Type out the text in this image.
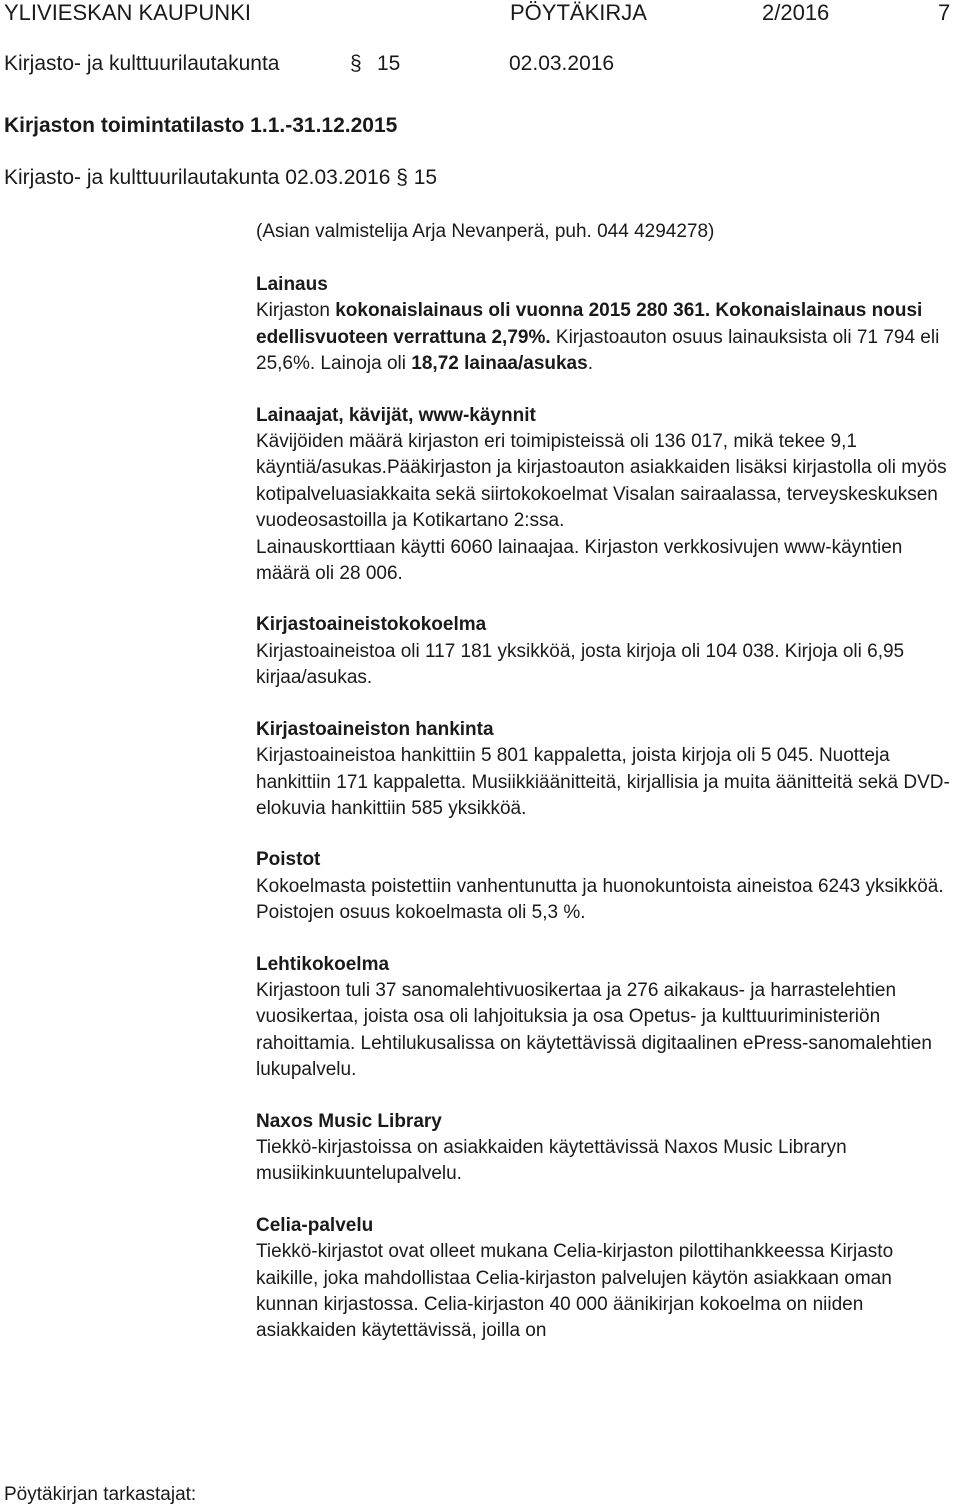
YLIVIESKAN KAUPUNKI	PÖYTÄKIRJA	2/2016	7
Kirjasto- ja kulttuurilautakunta	§ 15	02.03.2016
Kirjaston toimintatilasto 1.1.-31.12.2015
Kirjasto- ja kulttuurilautakunta 02.03.2016 § 15
(Asian valmistelija Arja Nevanperä, puh. 044 4294278)
Lainaus

Kirjaston kokonaislainaus oli vuonna 2015 280 361. Kokonaislainaus nousi edellisvuoteen verrattuna 2,79%. Kirjastoauton osuus lainauksista oli 71 794 eli 25,6%. Lainoja oli 18,72 lainaa/asukas.

Lainaajat, kävijät, www-käynnit

Kävijöiden määrä kirjaston eri toimipisteissä oli 136 017, mikä tekee 9,1 käyntiä/asukas.Pääkirjaston ja kirjastoauton asiakkaiden lisäksi kirjastolla oli myös kotipalveluasiakkaita sekä siirtokokoelmat Visalan sairaalassa, terveyskeskuksen vuodeosastoilla ja Kotikartano 2:ssa.

Lainauskorttiaan käytti 6060 lainaajaa. Kirjaston verkkosivujen www-käyntien määrä oli 28 006.

Kirjastoaineistokokoelma

Kirjastoaineistoa oli 117 181 yksikköä, josta kirjoja oli 104 038. Kirjoja oli 6,95 kirjaa/asukas.

Kirjastoaineiston hankinta

Kirjastoaineistoa hankittiin 5 801 kappaletta, joista kirjoja oli 5 045. Nuotteja hankittiin 171 kappaletta. Musiikkiäänitteitä, kirjallisia ja muita äänitteitä sekä DVD-elokuvia hankittiin 585 yksikköä.

Poistot

Kokoelmasta poistettiin vanhentunutta ja huonokuntoista aineistoa 6243 yksikköä. Poistojen osuus kokoelmasta oli 5,3 %.

Lehtikokoelma

Kirjastoon tuli 37 sanomalehtivuosikertaa ja 276 aikakaus- ja harrastelehtien vuosikertaa, joista osa oli lahjoituksia ja osa Opetus- ja kulttuuriministeriön rahoittamia. Lehtilukusalissa on käytettävissä digitaalinen ePress-sanomalehtien lukupalvelu.

Naxos Music Library

Tiekkö-kirjastoissa on asiakkaiden käytettävissä Naxos Music Libraryn musiikinkuuntelupalvelu.

Celia-palvelu

Tiekkö-kirjastot ovat olleet mukana Celia-kirjaston pilottihankkeessa Kirjasto kaikille, joka mahdollistaa Celia-kirjaston palvelujen käytön asiakkaan oman kunnan kirjastossa. Celia-kirjaston 40 000 äänikirjan kokoelma on niiden asiakkaiden käytettävissä, joilla on

Pöytäkirjan tarkastajat:
